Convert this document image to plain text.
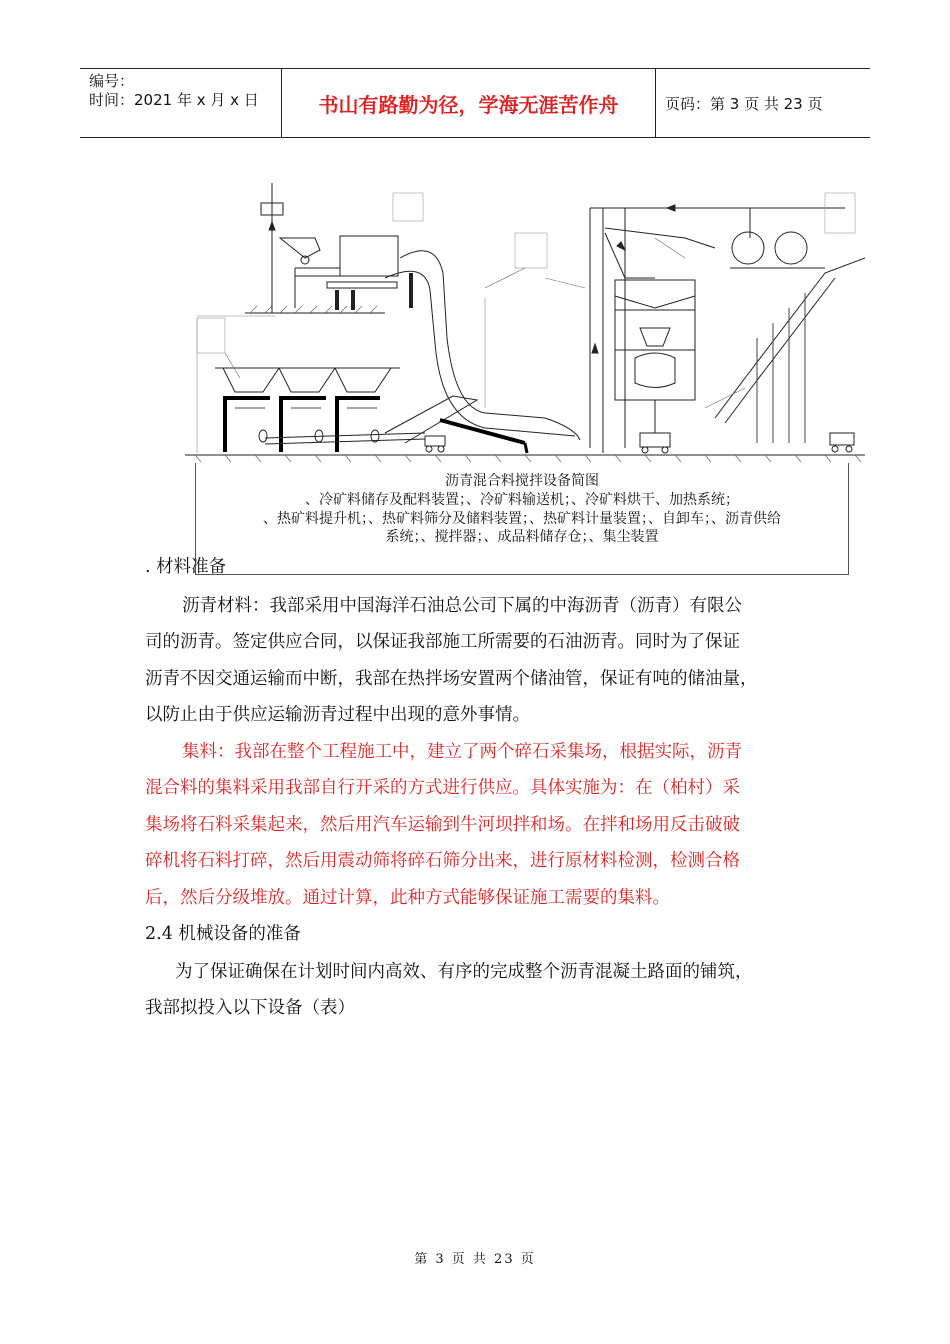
编号：
时间：2021 年 x 月 x 日	书山有路勤为径，学海无涯苦作舟	页码：第 3 页 共 23 页
沥青混合料搅拌设备简图
、冷矿料储存及配料装置；、冷矿料输送机；、冷矿料烘干、加热系统；
、热矿料提升机；、热矿料筛分及储料装置；、热矿料计量装置；、自卸车；、沥青供给
系统；、搅拌器；、成品料储存仓；、集尘装置
. 材料准备
沥青材料：我部采用中国海洋石油总公司下属的中海沥青（沥青）有限公
司的沥青。签定供应合同，以保证我部施工所需要的石油沥青。同时为了保证
沥青不因交通运输而中断，我部在热拌场安置两个储油管，保证有吨的储油量，
以防止由于供应运输沥青过程中出现的意外事情。
集料：我部在整个工程施工中，建立了两个碎石采集场，根据实际，沥青
混合料的集料采用我部自行开采的方式进行供应。具体实施为：在（柏村）采
集场将石料采集起来，然后用汽车运输到牛河坝拌和场。在拌和场用反击破破
碎机将石料打碎，然后用震动筛将碎石筛分出来，进行原材料检测，检测合格
后，然后分级堆放。通过计算，此种方式能够保证施工需要的集料。
2.4 机械设备的准备
为了保证确保在计划时间内高效、有序的完成整个沥青混凝土路面的铺筑，
我部拟投入以下设备（表）
第 3 页 共 23 页
